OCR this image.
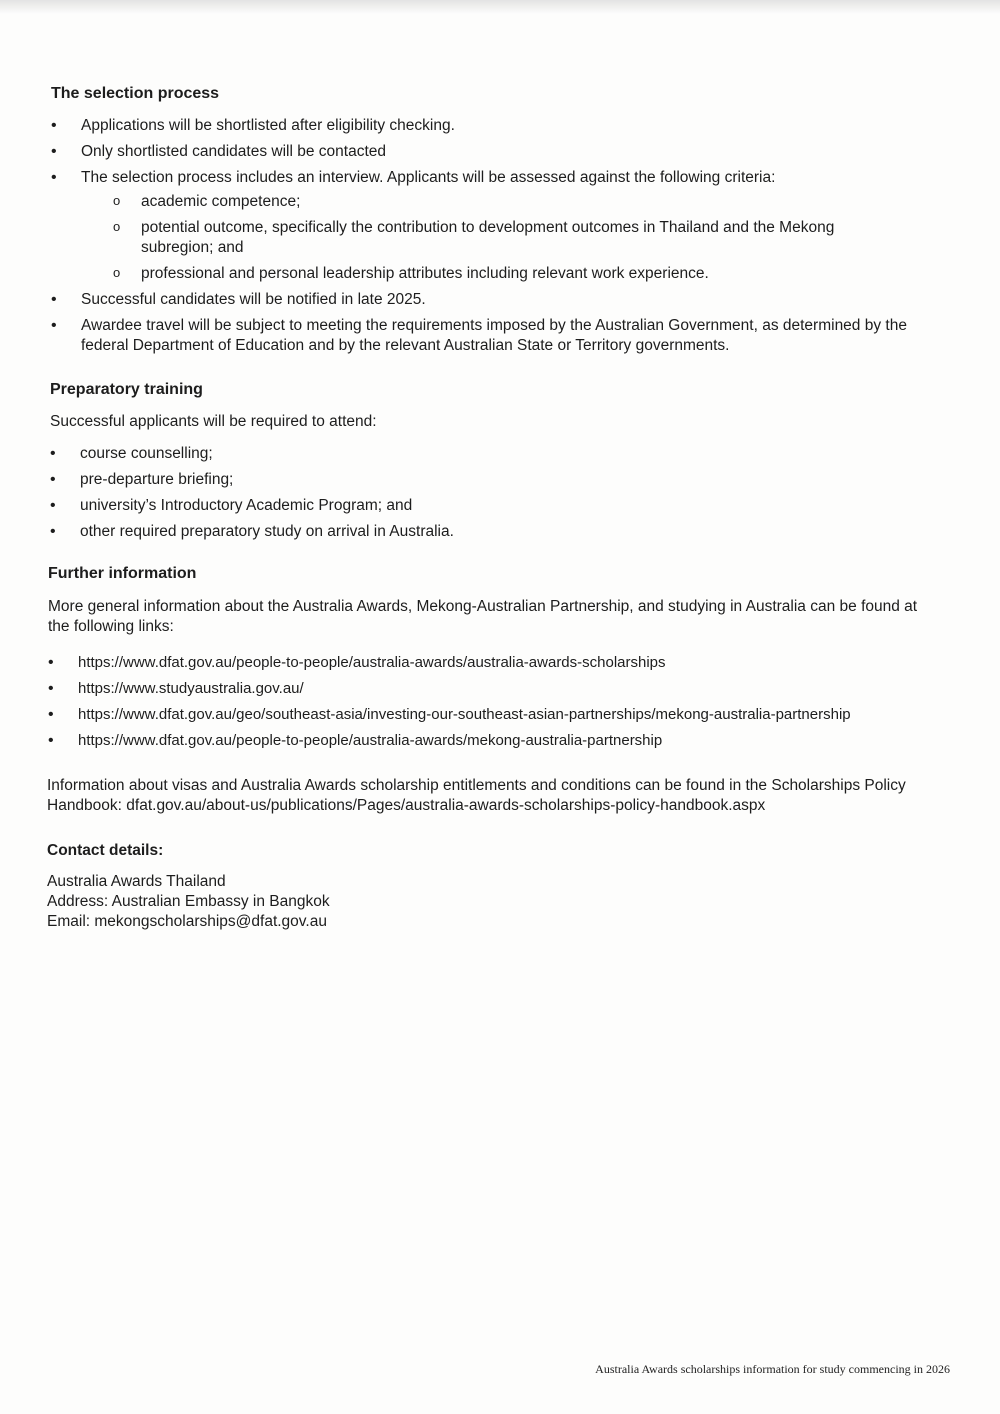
The selection process
• Applications will be shortlisted after eligibility checking.
• Only shortlisted candidates will be contacted
• The selection process includes an interview. Applicants will be assessed against the following criteria:
o academic competence;
o potential outcome, specifically the contribution to development outcomes in Thailand and the Mekong subregion; and
o professional and personal leadership attributes including relevant work experience.
• Successful candidates will be notified in late 2025.
• Awardee travel will be subject to meeting the requirements imposed by the Australian Government, as determined by the federal Department of Education and by the relevant Australian State or Territory governments.
Preparatory training

Successful applicants will be required to attend:

• course counselling;
• pre-departure briefing;
• university’s Introductory Academic Program; and
• other required preparatory study on arrival in Australia.
Further information

More general information about the Australia Awards, Mekong-Australian Partnership, and studying in Australia can be found at the following links:

• https://www.dfat.gov.au/people-to-people/australia-awards/australia-awards-scholarships
• https://www.studyaustralia.gov.au/
• https://www.dfat.gov.au/geo/southeast-asia/investing-our-southeast-asian-partnerships/mekong-australia-partnership
• https://www.dfat.gov.au/people-to-people/australia-awards/mekong-australia-partnership

Information about visas and Australia Awards scholarship entitlements and conditions can be found in the Scholarships Policy Handbook: dfat.gov.au/about-us/publications/Pages/australia-awards-scholarships-policy-handbook.aspx

Contact details:
Australia Awards Thailand
Address: Australian Embassy in Bangkok
Email: mekongscholarships@dfat.gov.au
Australia Awards scholarships information for study commencing in 2026
